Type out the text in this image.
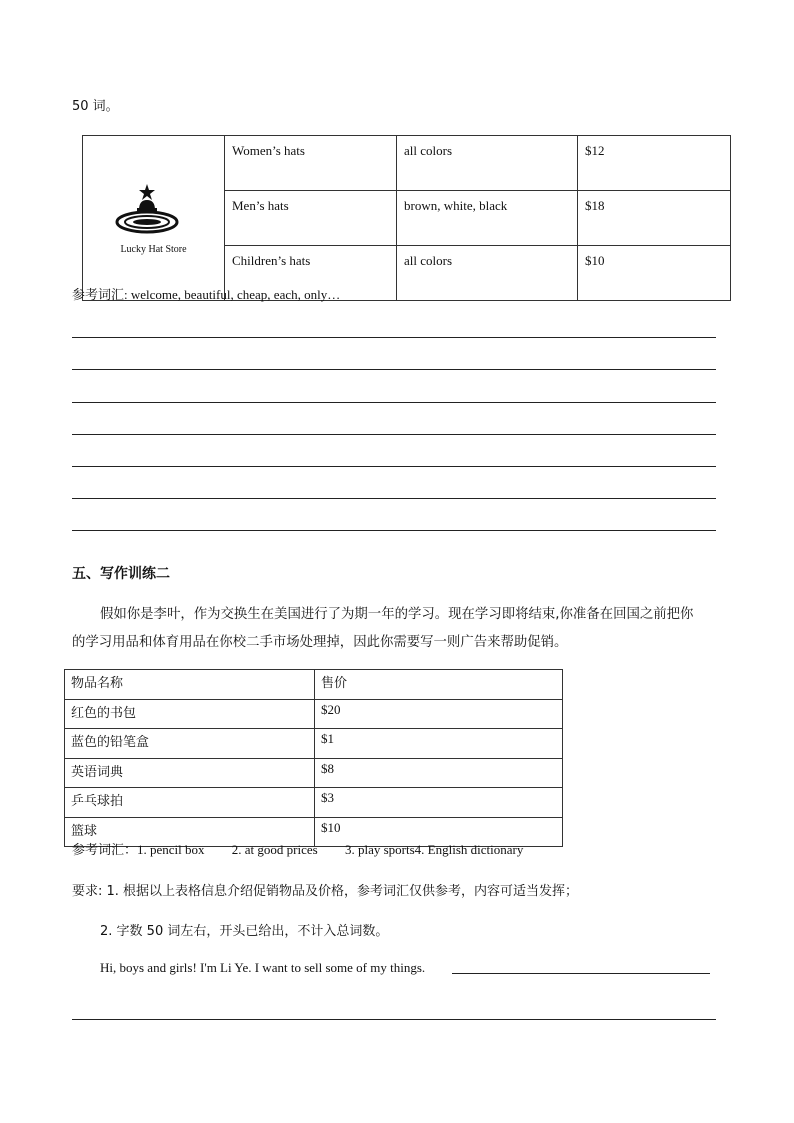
50 词。
Lucky Hat Store	Women’s hats	all colors	$12
	Men’s hats	brown, white, black	$18
	Children’s hats	all colors	$10
参考词汇: welcome, beautiful, cheap, each, only…
五、写作训练二
假如你是李叶，作为交换生在美国进行了为期一年的学习。现在学习即将结束,你准备在回国之前把你
的学习用品和体育用品在你校二手市场处理掉，因此你需要写一则广告来帮助促销。
物品名称	售价
红色的书包	$20
蓝色的铅笔盒	$1
英语词典	$8
乒乓球拍	$3
篮球	$10
参考词汇：1. pencil box 2. at good prices 3. play sports4. English dictionary
要求: 1. 根据以上表格信息介绍促销物品及价格，参考词汇仅供参考，内容可适当发挥；
2. 字数 50 词左右，开头已给出，不计入总词数。
Hi, boys and girls! I'm Li Ye. I want to sell some of my things.
